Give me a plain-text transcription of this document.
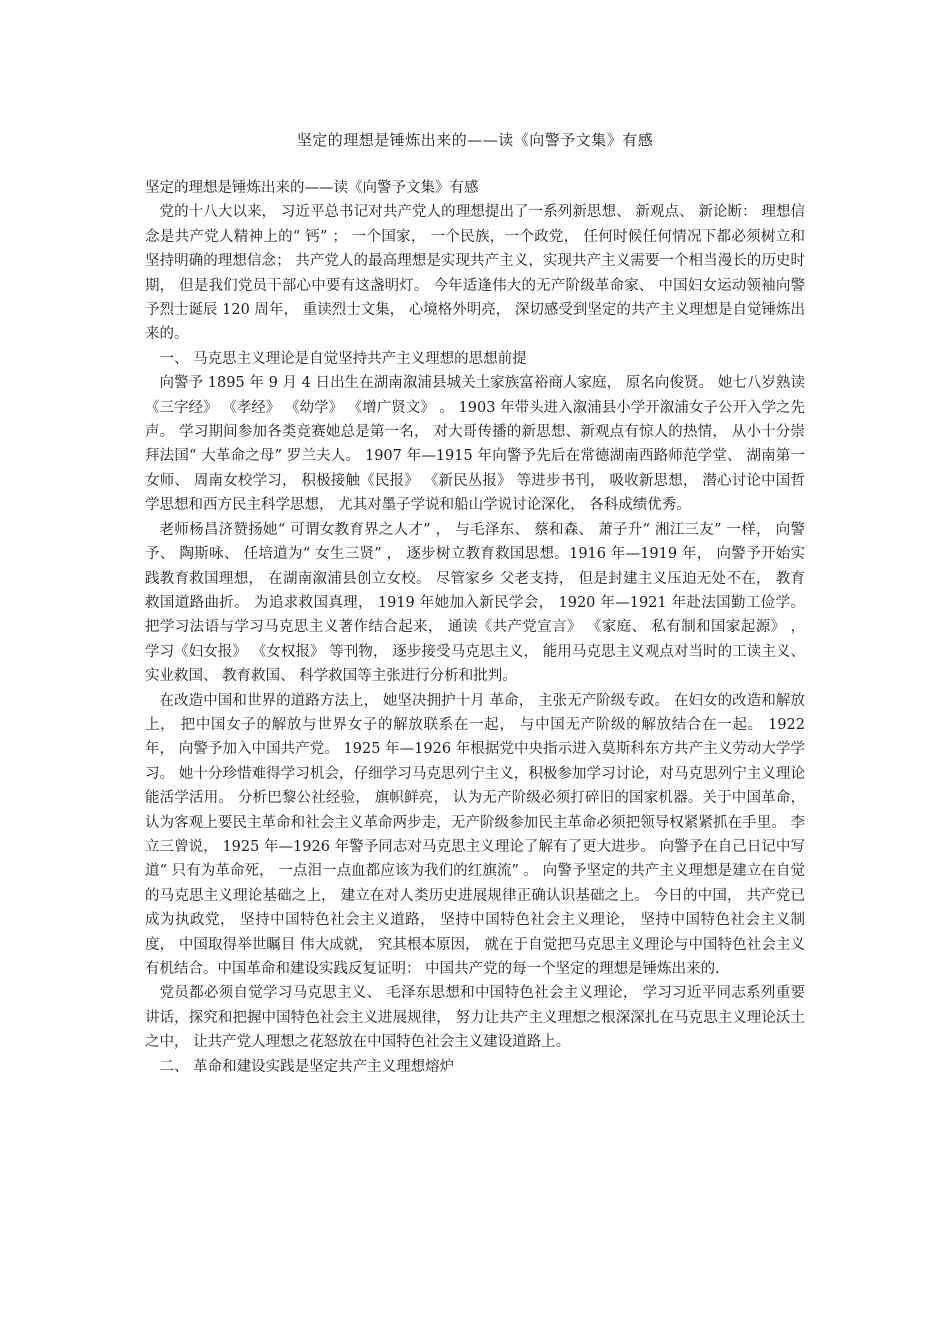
坚定的理想是锤炼出来的——读《向警予文集》有感

坚定的理想是锤炼出来的——读《向警予文集》有感

党的十八大以来， 习近平总书记对共产党人的理想提出了一系列新思想、 新观点、 新论断： 理想信念是共产党人精神上的“ 钙” ； 一个国家， 一个民族，一个政党， 任何时候任何情况下都必须树立和坚持明确的理想信念； 共产党人的最高理想是实现共产主义，实现共产主义需要一个相当漫长的历史时期， 但是我们党员干部心中要有这盏明灯。 今年适逢伟大的无产阶级革命家、 中国妇女运动领袖向警予烈士诞辰 120 周年， 重读烈士文集， 心境格外明亮， 深切感受到坚定的共产主义理想是自觉锤炼出来的。

一、 马克思主义理论是自觉坚持共产主义理想的思想前提

向警予 1895 年 9 月 4 日出生在湖南溆浦县城关土家族富裕商人家庭， 原名向俊贤。 她七八岁熟读《三字经》 《孝经》 《幼学》 《增广贤文》 。 1903 年带头进入溆浦县小学开溆浦女子公开入学之先声。 学习期间参加各类竞赛她总是第一名， 对大哥传播的新思想、新观点有惊人的热情， 从小十分崇拜法国“ 大革命之母” 罗兰夫人。 1907 年—1915 年向警予先后在常德湖南西路师范学堂、 湖南第一女师、 周南女校学习， 积极接触《民报》 《新民丛报》 等进步书刊， 吸收新思想， 潜心讨论中国哲学思想和西方民主科学思想， 尤其对墨子学说和船山学说讨论深化， 各科成绩优秀。

老师杨昌济赞扬她“ 可谓女教育界之人才” ， 与毛泽东、 蔡和森、 萧子升“ 湘江三友” 一样， 向警予、 陶斯咏、 任培道为“ 女生三贤” ， 逐步树立教育救国思想。1916 年—1919 年， 向警予开始实践教育救国理想， 在湖南溆浦县创立女校。 尽管家乡 父老支持， 但是封建主义压迫无处不在， 教育救国道路曲折。 为追求救国真理， 1919 年她加入新民学会， 1920 年—1921 年赴法国勤工俭学。 把学习法语与学习马克思主义著作结合起来， 通读《共产党宣言》 《家庭、 私有制和国家起源》 ， 学习《妇女报》 《女权报》 等刊物， 逐步接受马克思主义， 能用马克思主义观点对当时的工读主义、实业救国、 教育救国、 科学救国等主张进行分析和批判。

在改造中国和世界的道路方法上， 她坚决拥护十月 革命， 主张无产阶级专政。 在妇女的改造和解放上， 把中国女子的解放与世界女子的解放联系在一起， 与中国无产阶级的解放结合在一起。 1922 年， 向警予加入中国共产党。 1925 年—1926 年根据党中央指示进入莫斯科东方共产主义劳动大学学习。 她十分珍惜难得学习机会，仔细学习马克思列宁主义，积极参加学习讨论，对马克思列宁主义理论能活学活用。 分析巴黎公社经验， 旗帜鲜亮， 认为无产阶级必须打碎旧的国家机器。关于中国革命， 认为客观上要民主革命和社会主义革命两步走，无产阶级参加民主革命必须把领导权紧紧抓在手里。 李立三曾说， 1925 年—1926 年警予同志对马克思主义理论了解有了更大进步。 向警予在自己日记中写道“ 只有为革命死， 一点泪一点血都应该为我们的红旗流” 。 向警予坚定的共产主义理想是建立在自觉的马克思主义理论基础之上， 建立在对人类历史进展规律正确认识基础之上。 今日的中国， 共产党已成为执政党， 坚持中国特色社会主义道路， 坚持中国特色社会主义理论， 坚持中国特色社会主义制度， 中国取得举世瞩目 伟大成就， 究其根本原因， 就在于自觉把马克思主义理论与中国特色社会主义有机结合。中国革命和建设实践反复证明： 中国共产党的每一个坚定的理想是锤炼出来的.

党员都必须自觉学习马克思主义、 毛泽东思想和中国特色社会主义理论， 学习习近平同志系列重要讲话，探究和把握中国特色社会主义进展规律， 努力让共产主义理想之根深深扎在马克思主义理论沃土之中， 让共产党人理想之花怒放在中国特色社会主义建设道路上。

二、 革命和建设实践是坚定共产主义理想熔炉
